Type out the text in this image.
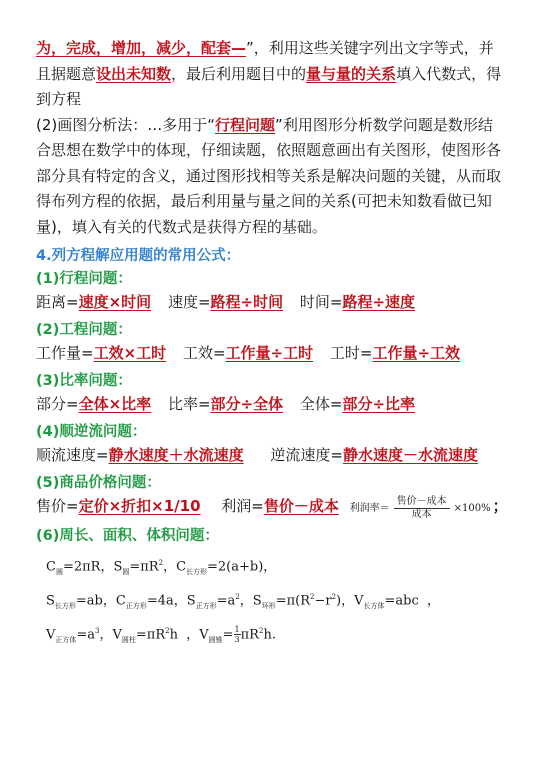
为，完成，增加，减少，配套—”，利用这些关键字列出文字等式，并且据题意设出未知数，最后利用题目中的量与量的关系填入代数式，得到方程

(2)画图分析法：…多用于“行程问题”利用图形分析数学问题是数形结合思想在数学中的体现，仔细读题，依照题意画出有关图形，使图形各部分具有特定的含义，通过图形找相等关系是解决问题的关键，从而取得布列方程的依据，最后利用量与量之间的关系(可把未知数看做已知量)，填入有关的代数式是获得方程的基础。

4.列方程解应用题的常用公式：
(1)行程问题：
距离=速度×时间 速度=路程÷时间 时间=路程÷速度
(2)工程问题：
工作量=工效×工时 工效=工作量÷工时 工时=工作量÷工效
(3)比率问题：
部分=全体×比率 比率=部分÷全体 全体=部分÷比率
(4)顺逆流问题：
顺流速度=静水速度＋水流速度 逆流速度=静水速度－水流速度
(5)商品价格问题：
售价=定价×折扣×1/10 利润=售价－成本 利润率＝ $\frac{\text{售价－成本}}{\text{成本}} \times 100\%$ ；
(6)周长、面积、体积问题：
$C_圆=2\pi R$，$S_圆=\pi R^2$，$C_{长方形}=2(a+b)$，
$S_{长方形}=ab$，$C_{正方形}=4a$，$S_{正方形}=a^2$，$S_{环形}=\pi(R^2-r^2)$，$V_{长方体}=abc$  ，
$V_{正方体}=a^3$，$V_{圆柱}=\pi R^2h$  ，$V_{圆锥}= \frac{1}{3} \pi R^2h$.
